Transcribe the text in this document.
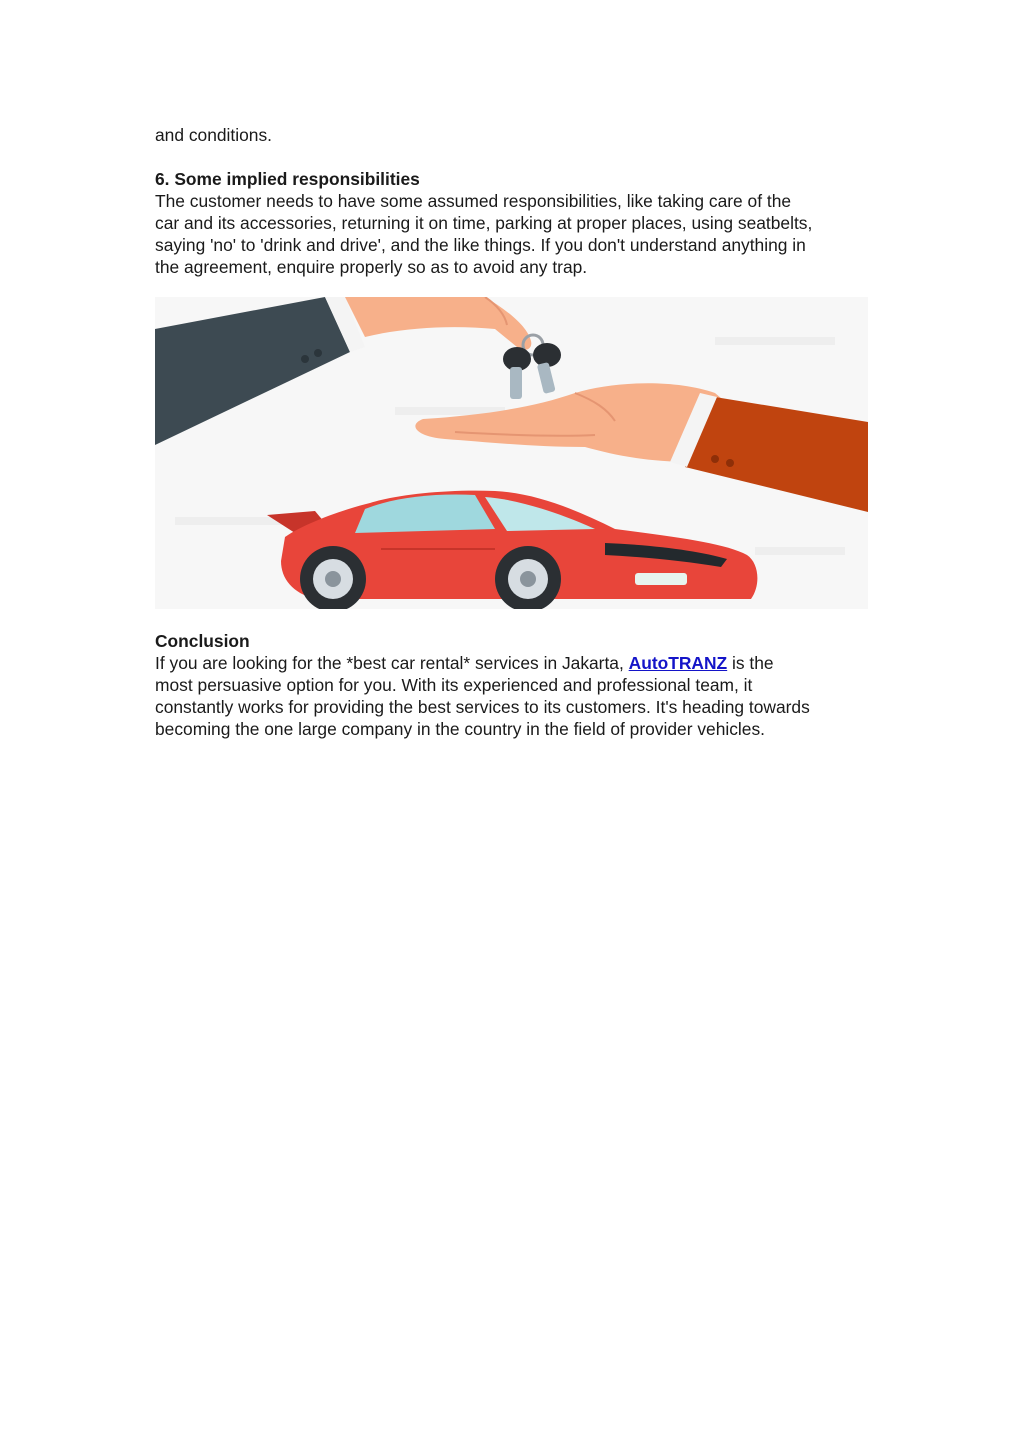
and conditions.
6. Some implied responsibilities
The customer needs to have some assumed responsibilities, like taking care of the
car and its accessories, returning it on time, parking at proper places, using seatbelts,
saying 'no' to 'drink and drive', and the like things. If you don't understand anything in
the agreement, enquire properly so as to avoid any trap.
Conclusion
If you are looking for the *best car rental* services in Jakarta, AutoTRANZ is the
most persuasive option for you. With its experienced and professional team, it
constantly works for providing the best services to its customers. It's heading towards
becoming the one large company in the country in the field of provider vehicles.
